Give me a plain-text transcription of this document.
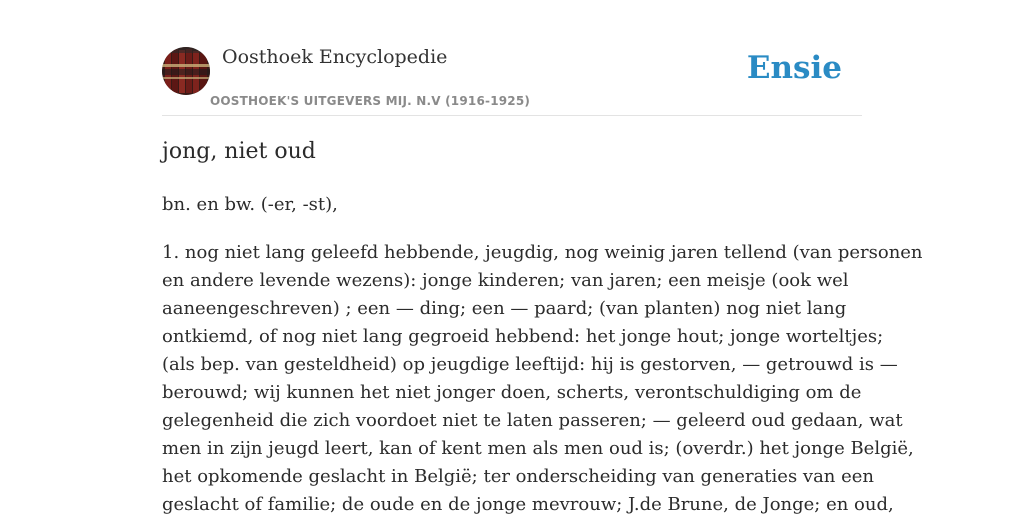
Oosthoek Encyclopedie
OOSTHOEK'S UITGEVERS MIJ. N.V (1916-1925)
Ensie
jong, niet oud

bn. en bw. (-er, -st),

1. nog niet lang geleefd hebbende, jeugdig, nog weinig jaren tellend (van personen
en andere levende wezens): jonge kinderen; van jaren; een meisje (ook wel
aaneengeschreven) ; een — ding; een — paard; (van planten) nog niet lang
ontkiemd, of nog niet lang gegroeid hebbend: het jonge hout; jonge worteltjes;
(als bep. van gesteldheid) op jeugdige leeftijd: hij is gestorven, — getrouwd is —
berouwd; wij kunnen het niet jonger doen, scherts, verontschuldiging om de
gelegenheid die zich voordoet niet te laten passeren; — geleerd oud gedaan, wat
men in zijn jeugd leert, kan of kent men als men oud is; (overdr.) het jonge België,
het opkomende geslacht in België; ter onderscheiding van generaties van een
geslacht of familie; de oude en de jonge mevrouw; J.de Brune, de Jonge; en oud,
